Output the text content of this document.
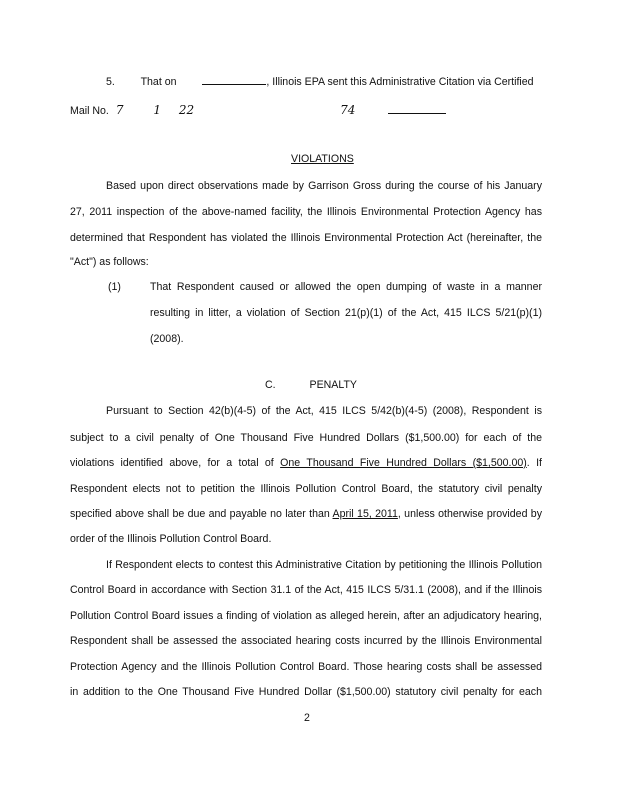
5. That on	, Illinois EPA sent this Administrative Citation via Certified
Mail No. 7 1 22	74
VIOLATIONS
Based upon direct observations made by Garrison Gross during the course of his January
27, 2011 inspection of the above-named facility, the Illinois Environmental Protection Agency has
determined that Respondent has violated the Illinois Environmental Protection Act (hereinafter, the
"Act") as follows:
(1)	That Respondent caused or allowed the open dumping of waste in a manner
resulting in litter, a violation of Section 21(p)(1) of the Act, 415 ILCS 5/21(p)(1)
(2008).
C.	PENALTY
Pursuant to Section 42(b)(4-5) of the Act, 415 ILCS 5/42(b)(4-5) (2008), Respondent is
subject to a civil penalty of One Thousand Five Hundred Dollars ($1,500.00) for each of the
violations identified above, for a total of One Thousand Five Hundred Dollars ($1,500.00). If
Respondent elects not to petition the Illinois Pollution Control Board, the statutory civil penalty
specified above shall be due and payable no later than April 15, 2011, unless otherwise provided by
order of the Illinois Pollution Control Board.
If Respondent elects to contest this Administrative Citation by petitioning the Illinois Pollution
Control Board in accordance with Section 31.1 of the Act, 415 ILCS 5/31.1 (2008), and if the Illinois
Pollution Control Board issues a finding of violation as alleged herein, after an adjudicatory hearing,
Respondent shall be assessed the associated hearing costs incurred by the Illinois Environmental
Protection Agency and the Illinois Pollution Control Board. Those hearing costs shall be assessed
in addition to the One Thousand Five Hundred Dollar ($1,500.00) statutory civil penalty for each
2
